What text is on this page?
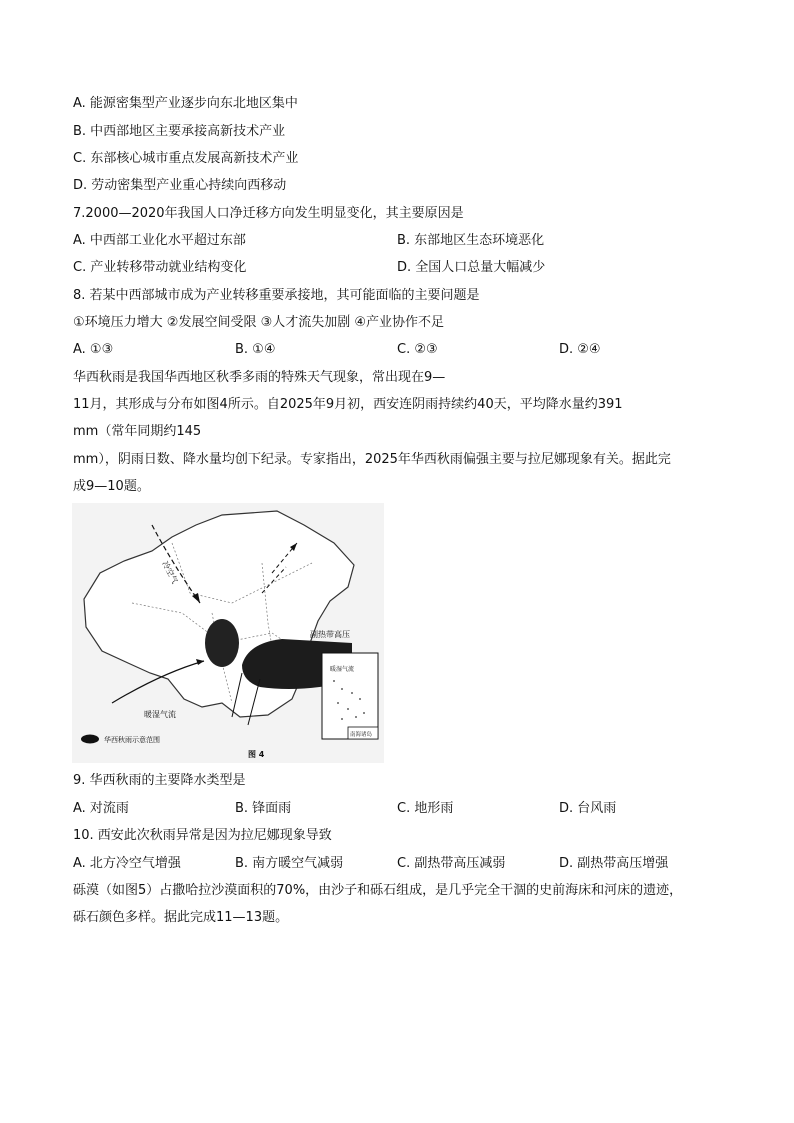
A. 能源密集型产业逐步向东北地区集中
B. 中西部地区主要承接高新技术产业
C. 东部核心城市重点发展高新技术产业
D. 劳动密集型产业重心持续向西移动
7.2000—2020年我国人口净迁移方向发生明显变化，其主要原因是
A. 中西部工业化水平超过东部	B. 东部地区生态环境恶化
C. 产业转移带动就业结构变化	D. 全国人口总量大幅减少
8. 若某中西部城市成为产业转移重要承接地，其可能面临的主要问题是
①环境压力增大 ②发展空间受限 ③人才流失加剧 ④产业协作不足
A. ①③	B. ①④	C. ②③	D. ②④
华西秋雨是我国华西地区秋季多雨的特殊天气现象，常出现在9—
11月，其形成与分布如图4所示。自2025年9月初，西安连阴雨持续约40天，平均降水量约391
mm（常年同期约145
mm），阴雨日数、降水量均创下纪录。专家指出，2025年华西秋雨偏强主要与拉尼娜现象有关。据此完
成9—10题。
冷空气
副热带高压
暖湿气流
暖湿气流
南海诸岛
华西秋雨示意范围
图 4
9. 华西秋雨的主要降水类型是
A. 对流雨	B. 锋面雨	C. 地形雨	D. 台风雨
10. 西安此次秋雨异常是因为拉尼娜现象导致
A. 北方冷空气增强	B. 南方暖空气减弱	C. 副热带高压减弱	D. 副热带高压增强
砾漠（如图5）占撒哈拉沙漠面积的70%，由沙子和砾石组成，是几乎完全干涸的史前海床和河床的遗迹，
砾石颜色多样。据此完成11—13题。
